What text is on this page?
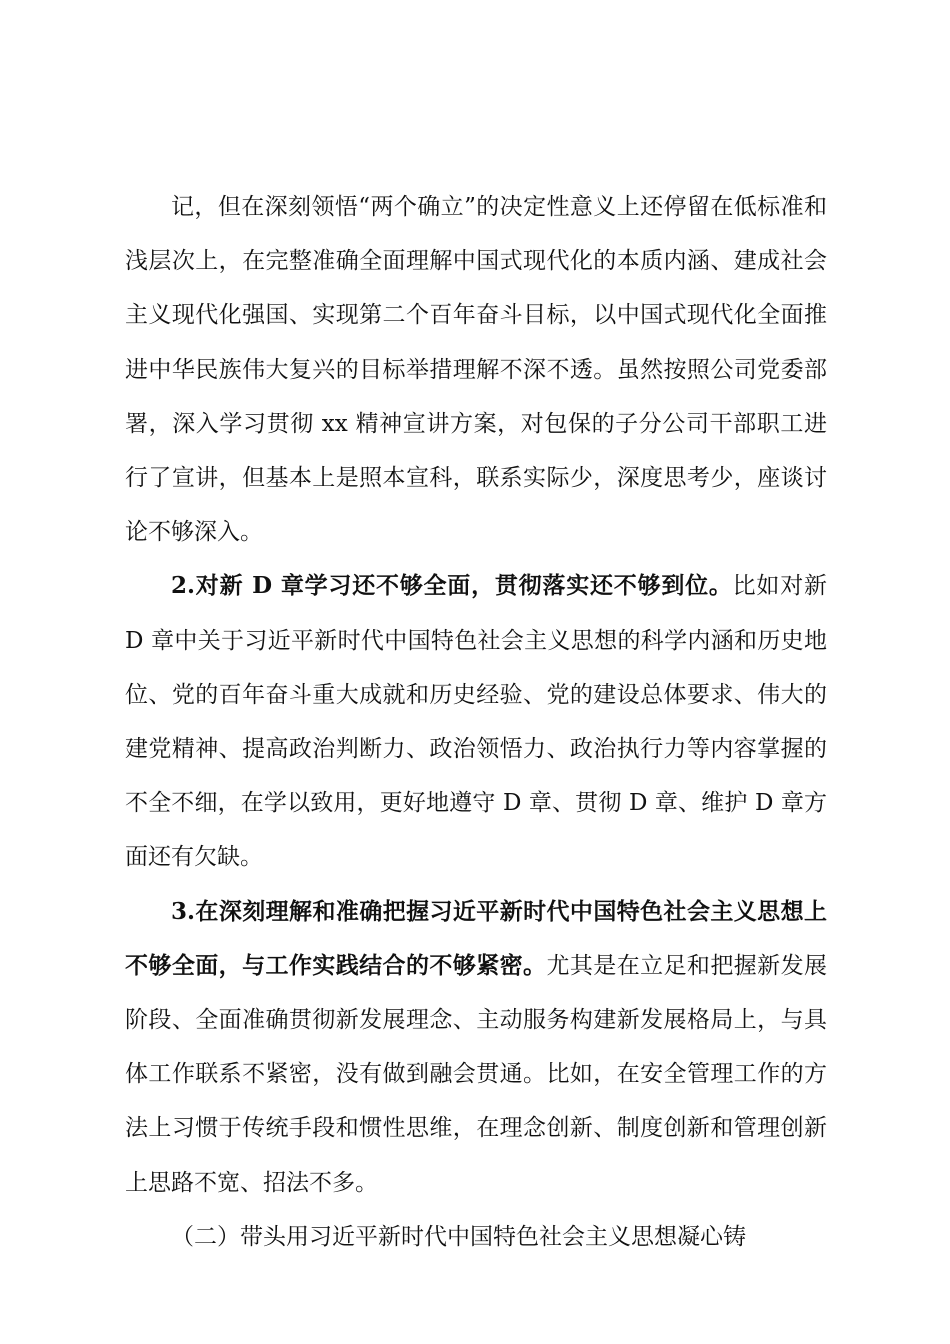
记，但在深刻领悟“两个确立”的决定性意义上还停留在低标准和浅层次上，在完整准确全面理解中国式现代化的本质内涵、建成社会主义现代化强国、实现第二个百年奋斗目标，以中国式现代化全面推进中华民族伟大复兴的目标举措理解不深不透。虽然按照公司党委部署，深入学习贯彻 xx 精神宣讲方案，对包保的子分公司干部职工进行了宣讲，但基本上是照本宣科，联系实际少，深度思考少，座谈讨论不够深入。

2.对新 D 章学习还不够全面，贯彻落实还不够到位。比如对新 D 章中关于习近平新时代中国特色社会主义思想的科学内涵和历史地位、党的百年奋斗重大成就和历史经验、党的建设总体要求、伟大的建党精神、提高政治判断力、政治领悟力、政治执行力等内容掌握的不全不细，在学以致用，更好地遵守 D 章、贯彻 D 章、维护 D 章方面还有欠缺。

3.在深刻理解和准确把握习近平新时代中国特色社会主义思想上不够全面，与工作实践结合的不够紧密。尤其是在立足和把握新发展阶段、全面准确贯彻新发展理念、主动服务构建新发展格局上，与具体工作联系不紧密，没有做到融会贯通。比如，在安全管理工作的方法上习惯于传统手段和惯性思维，在理念创新、制度创新和管理创新上思路不宽、招法不多。

（二）带头用习近平新时代中国特色社会主义思想凝心铸
